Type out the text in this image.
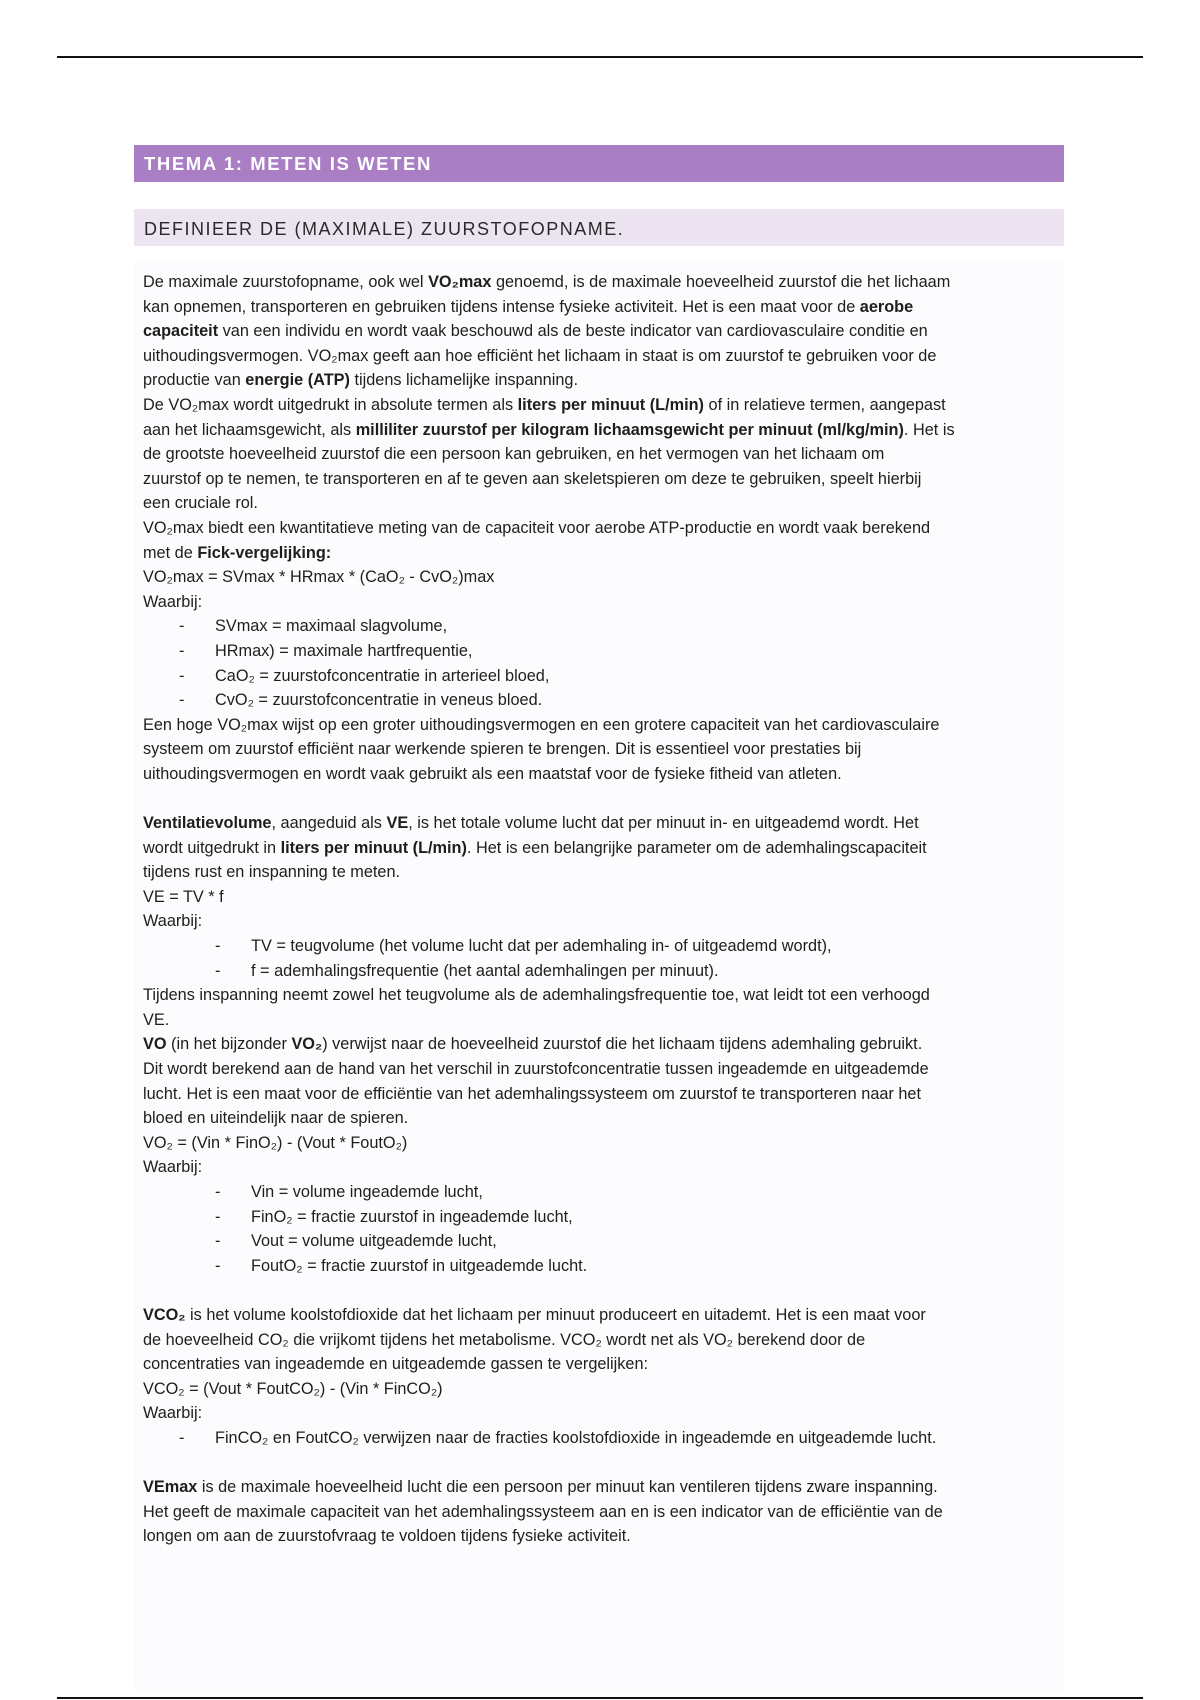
THEMA 1: METEN IS WETEN
DEFINIEER DE (MAXIMALE) ZUURSTOFOPNAME.
De maximale zuurstofopname, ook wel VO₂max genoemd, is de maximale hoeveelheid zuurstof die het lichaam
kan opnemen, transporteren en gebruiken tijdens intense fysieke activiteit. Het is een maat voor de aerobe
capaciteit van een individu en wordt vaak beschouwd als de beste indicator van cardiovasculaire conditie en
uithoudingsvermogen. VO₂max geeft aan hoe efficiënt het lichaam in staat is om zuurstof te gebruiken voor de
productie van energie (ATP) tijdens lichamelijke inspanning.
De VO₂max wordt uitgedrukt in absolute termen als liters per minuut (L/min) of in relatieve termen, aangepast
aan het lichaamsgewicht, als milliliter zuurstof per kilogram lichaamsgewicht per minuut (ml/kg/min). Het is
de grootste hoeveelheid zuurstof die een persoon kan gebruiken, en het vermogen van het lichaam om
zuurstof op te nemen, te transporteren en af te geven aan skeletspieren om deze te gebruiken, speelt hierbij
een cruciale rol.
VO₂max biedt een kwantitatieve meting van de capaciteit voor aerobe ATP-productie en wordt vaak berekend
met de Fick-vergelijking:
VO₂max = SVmax * HRmax * (CaO₂ - CvO₂)max
Waarbij:
-	SVmax = maximaal slagvolume,
-	HRmax) = maximale hartfrequentie,
-	CaO₂ = zuurstofconcentratie in arterieel bloed,
-	CvO₂ = zuurstofconcentratie in veneus bloed.
Een hoge VO₂max wijst op een groter uithoudingsvermogen en een grotere capaciteit van het cardiovasculaire
systeem om zuurstof efficiënt naar werkende spieren te brengen. Dit is essentieel voor prestaties bij
uithoudingsvermogen en wordt vaak gebruikt als een maatstaf voor de fysieke fitheid van atleten.
Ventilatievolume, aangeduid als VE, is het totale volume lucht dat per minuut in- en uitgeademd wordt. Het
wordt uitgedrukt in liters per minuut (L/min). Het is een belangrijke parameter om de ademhalingscapaciteit
tijdens rust en inspanning te meten.
VE = TV * f
Waarbij:
-	TV = teugvolume (het volume lucht dat per ademhaling in- of uitgeademd wordt),
-	f = ademhalingsfrequentie (het aantal ademhalingen per minuut).
Tijdens inspanning neemt zowel het teugvolume als de ademhalingsfrequentie toe, wat leidt tot een verhoogd
VE.
VO (in het bijzonder VO₂) verwijst naar de hoeveelheid zuurstof die het lichaam tijdens ademhaling gebruikt.
Dit wordt berekend aan de hand van het verschil in zuurstofconcentratie tussen ingeademde en uitgeademde
lucht. Het is een maat voor de efficiëntie van het ademhalingssysteem om zuurstof te transporteren naar het
bloed en uiteindelijk naar de spieren.
VO₂ = (Vin * FinO₂) - (Vout * FoutO₂)
Waarbij:
-	Vin = volume ingeademde lucht,
-	FinO₂ = fractie zuurstof in ingeademde lucht,
-	Vout = volume uitgeademde lucht,
-	FoutO₂ = fractie zuurstof in uitgeademde lucht.
VCO₂ is het volume koolstofdioxide dat het lichaam per minuut produceert en uitademt. Het is een maat voor
de hoeveelheid CO₂ die vrijkomt tijdens het metabolisme. VCO₂ wordt net als VO₂ berekend door de
concentraties van ingeademde en uitgeademde gassen te vergelijken:
VCO₂ = (Vout * FoutCO₂) - (Vin * FinCO₂)
Waarbij:
-	FinCO₂ en FoutCO₂ verwijzen naar de fracties koolstofdioxide in ingeademde en uitgeademde lucht.
VEmax is de maximale hoeveelheid lucht die een persoon per minuut kan ventileren tijdens zware inspanning.
Het geeft de maximale capaciteit van het ademhalingssysteem aan en is een indicator van de efficiëntie van de
longen om aan de zuurstofvraag te voldoen tijdens fysieke activiteit.
